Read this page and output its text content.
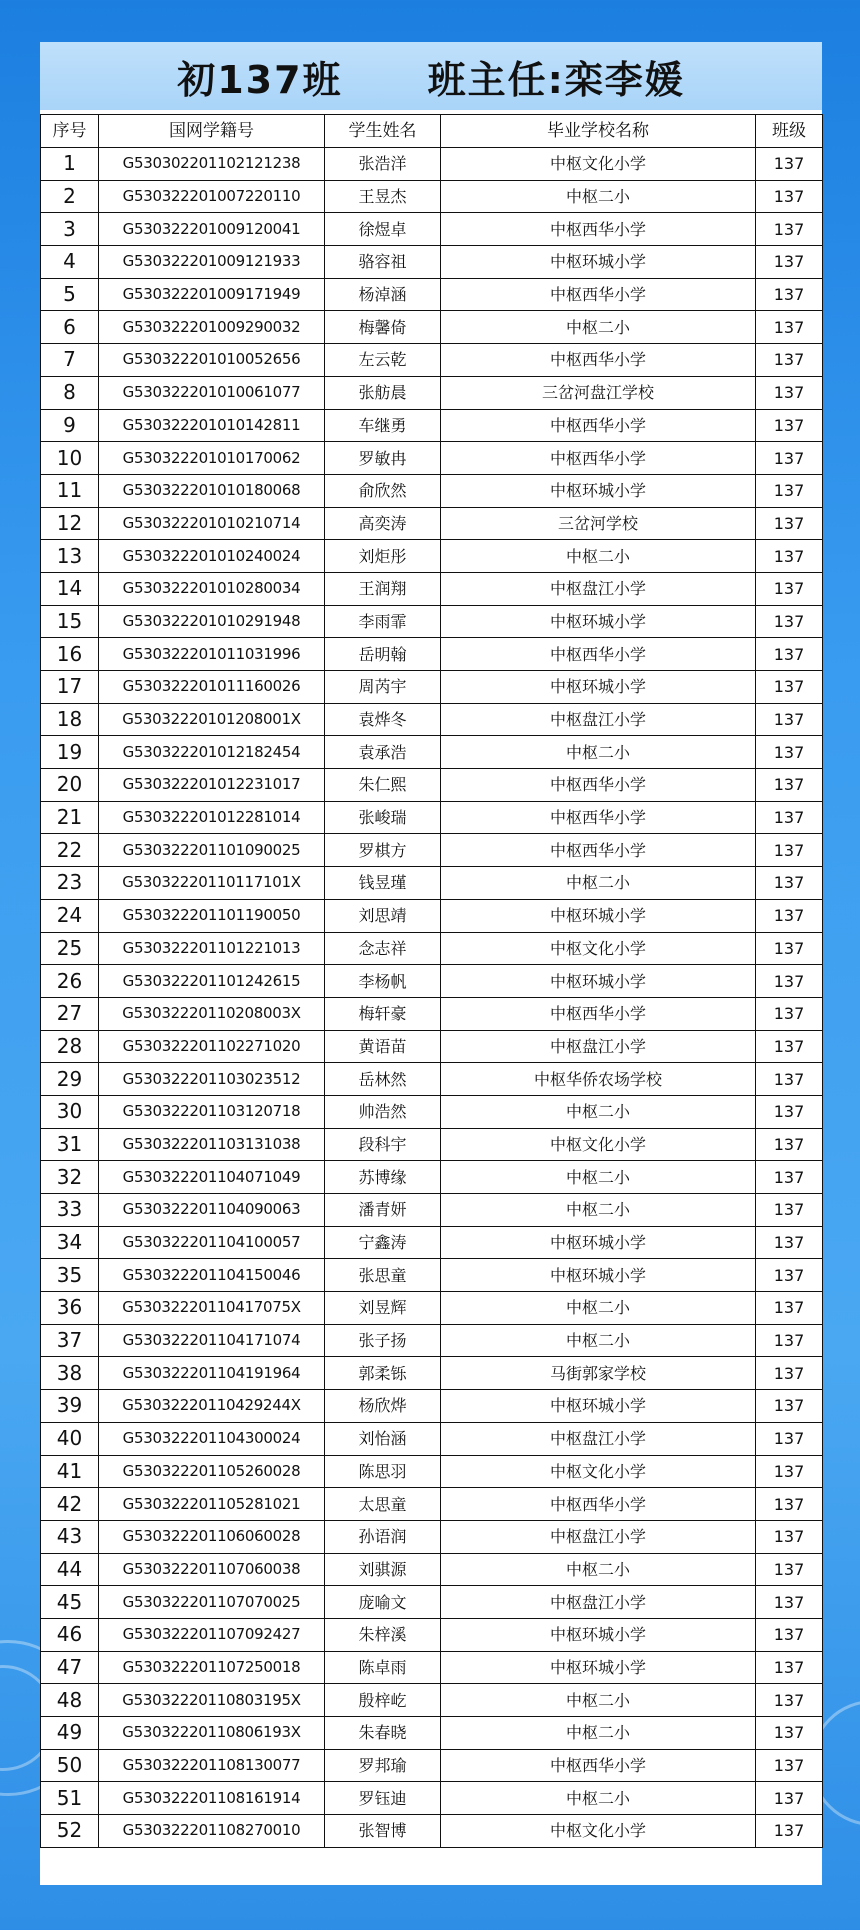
初137班 班主任:栾李媛
序号	国网学籍号	学生姓名	毕业学校名称	班级
1	G530302201102121238	张浩洋	中枢文化小学	137
2	G530322201007220110	王昱杰	中枢二小	137
3	G530322201009120041	徐煜卓	中枢西华小学	137
4	G530322201009121933	骆容祖	中枢环城小学	137
5	G530322201009171949	杨淖涵	中枢西华小学	137
6	G530322201009290032	梅馨倚	中枢二小	137
7	G530322201010052656	左云乾	中枢西华小学	137
8	G530322201010061077	张舫晨	三岔河盘江学校	137
9	G530322201010142811	车继勇	中枢西华小学	137
10	G530322201010170062	罗敏冉	中枢西华小学	137
11	G530322201010180068	俞欣然	中枢环城小学	137
12	G530322201010210714	高奕涛	三岔河学校	137
13	G530322201010240024	刘炬彤	中枢二小	137
14	G530322201010280034	王润翔	中枢盘江小学	137
15	G530322201010291948	李雨霏	中枢环城小学	137
16	G530322201011031996	岳明翰	中枢西华小学	137
17	G530322201011160026	周芮宇	中枢环城小学	137
18	G53032220101208001X	袁烨冬	中枢盘江小学	137
19	G530322201012182454	袁承浩	中枢二小	137
20	G530322201012231017	朱仁熙	中枢西华小学	137
21	G530322201012281014	张峻瑞	中枢西华小学	137
22	G530322201101090025	罗棋方	中枢西华小学	137
23	G53032220110117101X	钱昱瑾	中枢二小	137
24	G530322201101190050	刘思靖	中枢环城小学	137
25	G530322201101221013	念志祥	中枢文化小学	137
26	G530322201101242615	李杨帆	中枢环城小学	137
27	G53032220110208003X	梅轩豪	中枢西华小学	137
28	G530322201102271020	黄语苗	中枢盘江小学	137
29	G530322201103023512	岳林然	中枢华侨农场学校	137
30	G530322201103120718	帅浩然	中枢二小	137
31	G530322201103131038	段科宇	中枢文化小学	137
32	G530322201104071049	苏博缘	中枢二小	137
33	G530322201104090063	潘青妍	中枢二小	137
34	G530322201104100057	宁鑫涛	中枢环城小学	137
35	G530322201104150046	张思童	中枢环城小学	137
36	G53032220110417075X	刘昱辉	中枢二小	137
37	G530322201104171074	张子扬	中枢二小	137
38	G530322201104191964	郭柔铄	马街郭家学校	137
39	G53032220110429244X	杨欣烨	中枢环城小学	137
40	G530322201104300024	刘怡涵	中枢盘江小学	137
41	G530322201105260028	陈思羽	中枢文化小学	137
42	G530322201105281021	太思童	中枢西华小学	137
43	G530322201106060028	孙语润	中枢盘江小学	137
44	G530322201107060038	刘骐源	中枢二小	137
45	G530322201107070025	庞喻文	中枢盘江小学	137
46	G530322201107092427	朱梓溪	中枢环城小学	137
47	G530322201107250018	陈卓雨	中枢环城小学	137
48	G53032220110803195X	殷梓屹	中枢二小	137
49	G53032220110806193X	朱春晓	中枢二小	137
50	G530322201108130077	罗邦瑜	中枢西华小学	137
51	G530322201108161914	罗钰迪	中枢二小	137
52	G530322201108270010	张智博	中枢文化小学	137
